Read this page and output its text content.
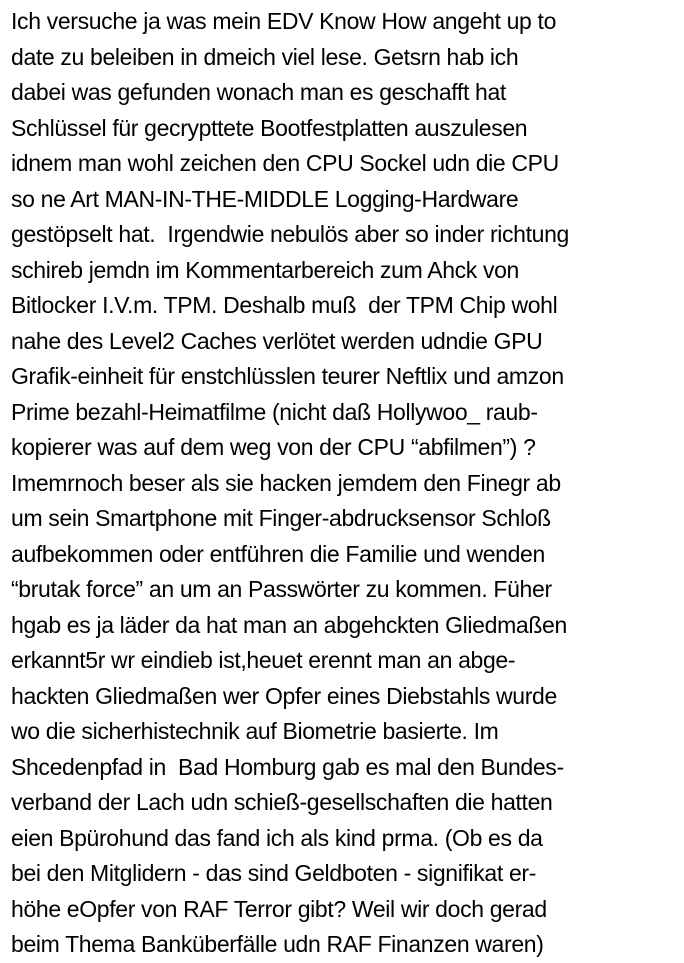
Ich versuche ja was mein EDV Know How angeht up to
date zu beleiben in dmeich viel lese. Getsrn hab ich
dabei was gefunden wonach man es geschafft hat
Schlüssel für gecrypttete Bootfestplatten auszulesen
idnem man wohl zeichen den CPU Sockel udn die CPU
so ne Art MAN-IN-THE-MIDDLE Logging-Hardware
gestöpselt hat.  Irgendwie nebulös aber so inder richtung
schireb jemdn im Kommentarbereich zum Ahck von
Bitlocker I.V.m. TPM. Deshalb muß  der TPM Chip wohl
nahe des Level2 Caches verlötet werden udndie GPU
Grafik-einheit für enstchlüsslen teurer Neftlix und amzon
Prime bezahl-Heimatfilme (nicht daß Hollywoo_ raub-
kopierer was auf dem weg von der CPU “abfilmen”) ?
Imemrnoch beser als sie hacken jemdem den Finegr ab
um sein Smartphone mit Finger-abdrucksensor Schloß
aufbekommen oder entführen die Familie und wenden
“brutak force” an um an Passwörter zu kommen. Füher
hgab es ja läder da hat man an abgehckten Gliedmaßen
erkannt5r wr eindieb ist,heuet erennt man an abge-
hackten Gliedmaßen wer Opfer eines Diebstahls wurde
wo die sicherhistechnik auf Biometrie basierte. Im
Shcedenpfad in  Bad Homburg gab es mal den Bundes-
verband der Lach udn schieß-gesellschaften die hatten
eien Bpürohund das fand ich als kind prma. (Ob es da
bei den Mitglidern - das sind Geldboten - signifikat er-
höhe eOpfer von RAF Terror gibt? Weil wir doch gerad
beim Thema Banküberfälle udn RAF Finanzen waren)
